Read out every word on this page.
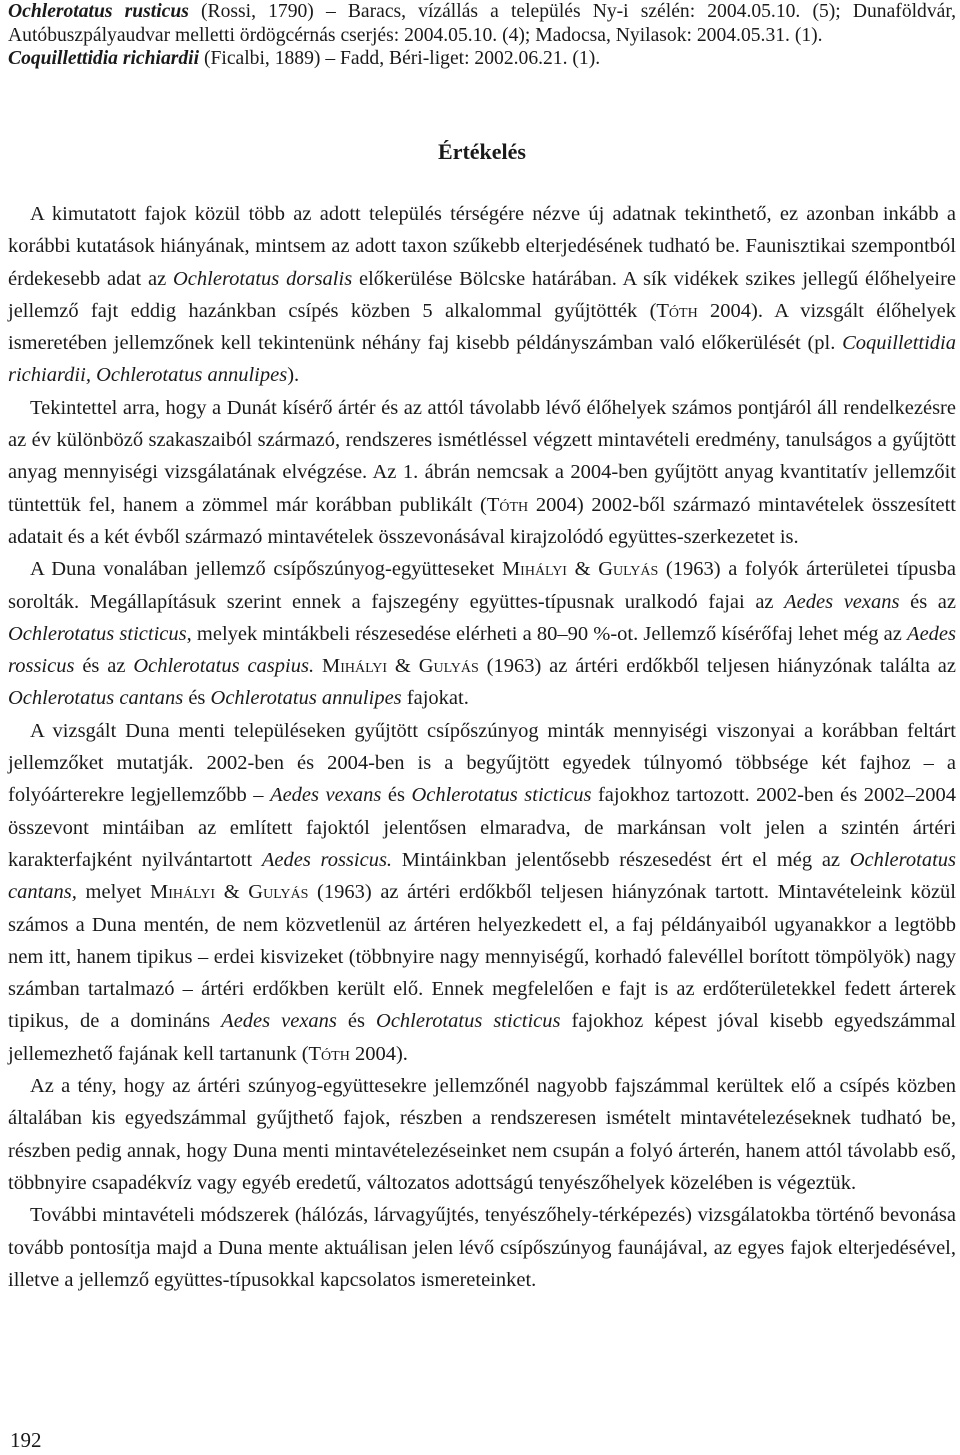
Ochlerotatus rusticus (Rossi, 1790) – Baracs, vízállás a település Ny-i szélén: 2004.05.10. (5); Dunaföldvár, Autóbuszpályaudvar melletti ördögcérnás cserjés: 2004.05.10. (4); Madocsa, Nyilasok: 2004.05.31. (1).
Coquillettidia richiardii (Ficalbi, 1889) – Fadd, Béri-liget: 2002.06.21. (1).

Értékelés

A kimutatott fajok közül több az adott település térségére nézve új adatnak tekinthető, ez azonban inkább a korábbi kutatások hiányának, mintsem az adott taxon szűkebb elterjedésének tudható be. Faunisztikai szempontból érdekesebb adat az Ochlerotatus dorsalis előkerülése Bölcske határában. A sík vidékek szikes jellegű élőhelyeire jellemző fajt eddig hazánkban csípés közben 5 alkalommal gyűjtötték (Tóth 2004). A vizsgált élőhelyek ismeretében jellemzőnek kell tekintenünk néhány faj kisebb példányszámban való előkerülését (pl. Coquillettidia richiardii, Ochlerotatus annulipes).

Tekintettel arra, hogy a Dunát kísérő ártér és az attól távolabb lévő élőhelyek számos pontjáról áll rendelkezésre az év különböző szakaszaiból származó, rendszeres ismétléssel végzett mintavételi eredmény, tanulságos a gyűjtött anyag mennyiségi vizsgálatának elvégzése. Az 1. ábrán nemcsak a 2004-ben gyűjtött anyag kvantitatív jellemzőit tüntettük fel, hanem a zömmel már korábban publikált (Tóth 2004) 2002-ből származó mintavételek összesített adatait és a két évből származó mintavételek összevonásával kirajzolódó együttes-szerkezetet is.

A Duna vonalában jellemző csípőszúnyog-együtteseket Mihályi & Gulyás (1963) a folyók árterületei típusba sorolták. Megállapításuk szerint ennek a fajszegény együttes-típusnak uralkodó fajai az Aedes vexans és az Ochlerotatus sticticus, melyek mintákbeli részesedése elérheti a 80–90 %-ot. Jellemző kísérőfaj lehet még az Aedes rossicus és az Ochlerotatus caspius. Mihályi & Gulyás (1963) az ártéri erdőkből teljesen hiányzónak találta az Ochlerotatus cantans és Ochlerotatus annulipes fajokat.

A vizsgált Duna menti településeken gyűjtött csípőszúnyog minták mennyiségi viszonyai a korábban feltárt jellemzőket mutatják. 2002-ben és 2004-ben is a begyűjtött egyedek túlnyomó többsége két fajhoz – a folyóárterekre legjellemzőbb – Aedes vexans és Ochlerotatus sticticus fajokhoz tartozott. 2002-ben és 2002–2004 összevont mintáiban az említett fajoktól jelentősen elmaradva, de markánsan volt jelen a szintén ártéri karakterfajként nyilvántartott Aedes rossicus. Mintáinkban jelentősebb részesedést ért el még az Ochlerotatus cantans, melyet Mihályi & Gulyás (1963) az ártéri erdőkből teljesen hiányzónak tartott. Mintavételeink közül számos a Duna mentén, de nem közvetlenül az ártéren helyezkedett el, a faj példányaiból ugyanakkor a legtöbb nem itt, hanem tipikus – erdei kisvizeket (többnyire nagy mennyiségű, korhadó falevéllel borított tömpölyök) nagy számban tartalmazó – ártéri erdőkben került elő. Ennek megfelelően e fajt is az erdőterületekkel fedett árterek tipikus, de a domináns Aedes vexans és Ochlerotatus sticticus fajokhoz képest jóval kisebb egyedszámmal jellemezhető fajának kell tartanunk (Tóth 2004).

Az a tény, hogy az ártéri szúnyog-együttesekre jellemzőnél nagyobb fajszámmal kerültek elő a csípés közben általában kis egyedszámmal gyűjthető fajok, részben a rendszeresen ismételt mintavételezéseknek tudható be, részben pedig annak, hogy Duna menti mintavételezéseinket nem csupán a folyó árterén, hanem attól távolabb eső, többnyire csapadékvíz vagy egyéb eredetű, változatos adottságú tenyészőhelyek közelében is végeztük.

További mintavételi módszerek (hálózás, lárvagyűjtés, tenyészőhely-térképezés) vizsgálatokba történő bevonása tovább pontosítja majd a Duna mente aktuálisan jelen lévő csípőszúnyog faunájával, az egyes fajok elterjedésével, illetve a jellemző együttes-típusokkal kapcsolatos ismereteinket.

192
